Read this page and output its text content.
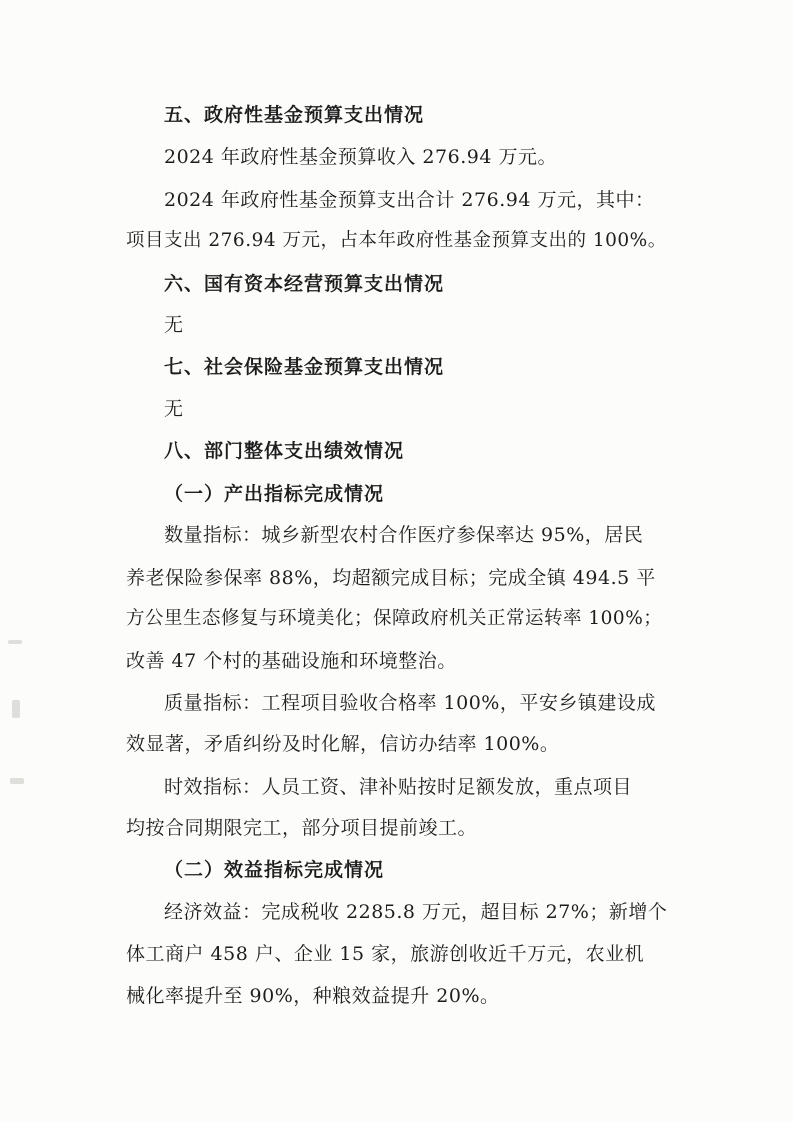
五、政府性基金预算支出情况
2024 年政府性基金预算收入 276.94 万元。
2024 年政府性基金预算支出合计 276.94 万元，其中：
项目支出 276.94 万元，占本年政府性基金预算支出的 100%。
六、国有资本经营预算支出情况
无
七、社会保险基金预算支出情况
无
八、部门整体支出绩效情况
（一）产出指标完成情况
数量指标：城乡新型农村合作医疗参保率达 95%，居民
养老保险参保率 88%，均超额完成目标；完成全镇 494.5 平
方公里生态修复与环境美化；保障政府机关正常运转率 100%；
改善 47 个村的基础设施和环境整治。
质量指标：工程项目验收合格率 100%，平安乡镇建设成
效显著，矛盾纠纷及时化解，信访办结率 100%。
时效指标：人员工资、津补贴按时足额发放，重点项目
均按合同期限完工，部分项目提前竣工。
（二）效益指标完成情况
经济效益：完成税收 2285.8 万元，超目标 27%；新增个
体工商户 458 户、企业 15 家，旅游创收近千万元，农业机
械化率提升至 90%，种粮效益提升 20%。
